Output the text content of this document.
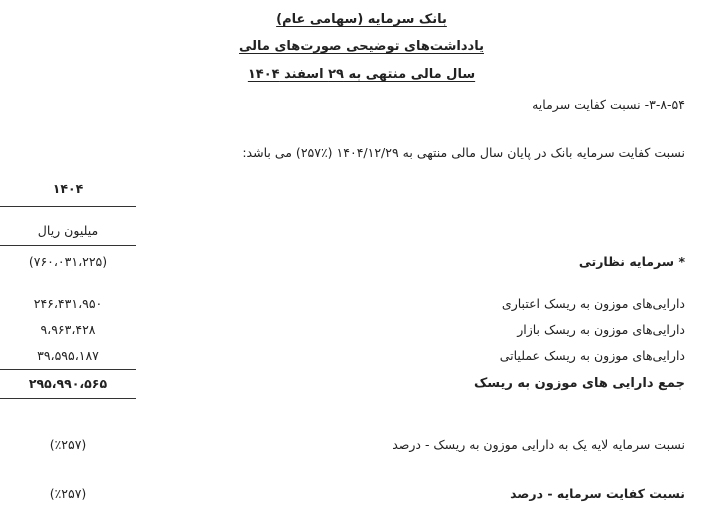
بانک سرمایه (سهامی عام)
یادداشت‌های توضیحی صورت‌های مالی
سال مالی منتهی به ۲۹ اسفند ۱۴۰۴
۳-۸-۵۴- نسبت کفایت سرمایه
نسبت کفایت سرمایه بانک در پایان سال مالی منتهی به ۱۴۰۴/۱۲/۲۹ (٪۲۵۷) می باشد:
۱۴۰۴
میلیون ریال
* سرمایه نظارتی
(۷۶۰،۰۳۱،۲۲۵)
دارایی‌های موزون به ریسک اعتباری
۲۴۶،۴۳۱،۹۵۰
دارایی‌های موزون به ریسک بازار
۹،۹۶۳،۴۲۸
دارایی‌های موزون به ریسک عملیاتی
۳۹،۵۹۵،۱۸۷
جمع دارایی های موزون به ریسک
۲۹۵،۹۹۰،۵۶۵
نسبت سرمایه لایه یک به دارایی موزون به ریسک - درصد
(٪۲۵۷)
نسبت کفایت سرمایه - درصد
(٪۲۵۷)
